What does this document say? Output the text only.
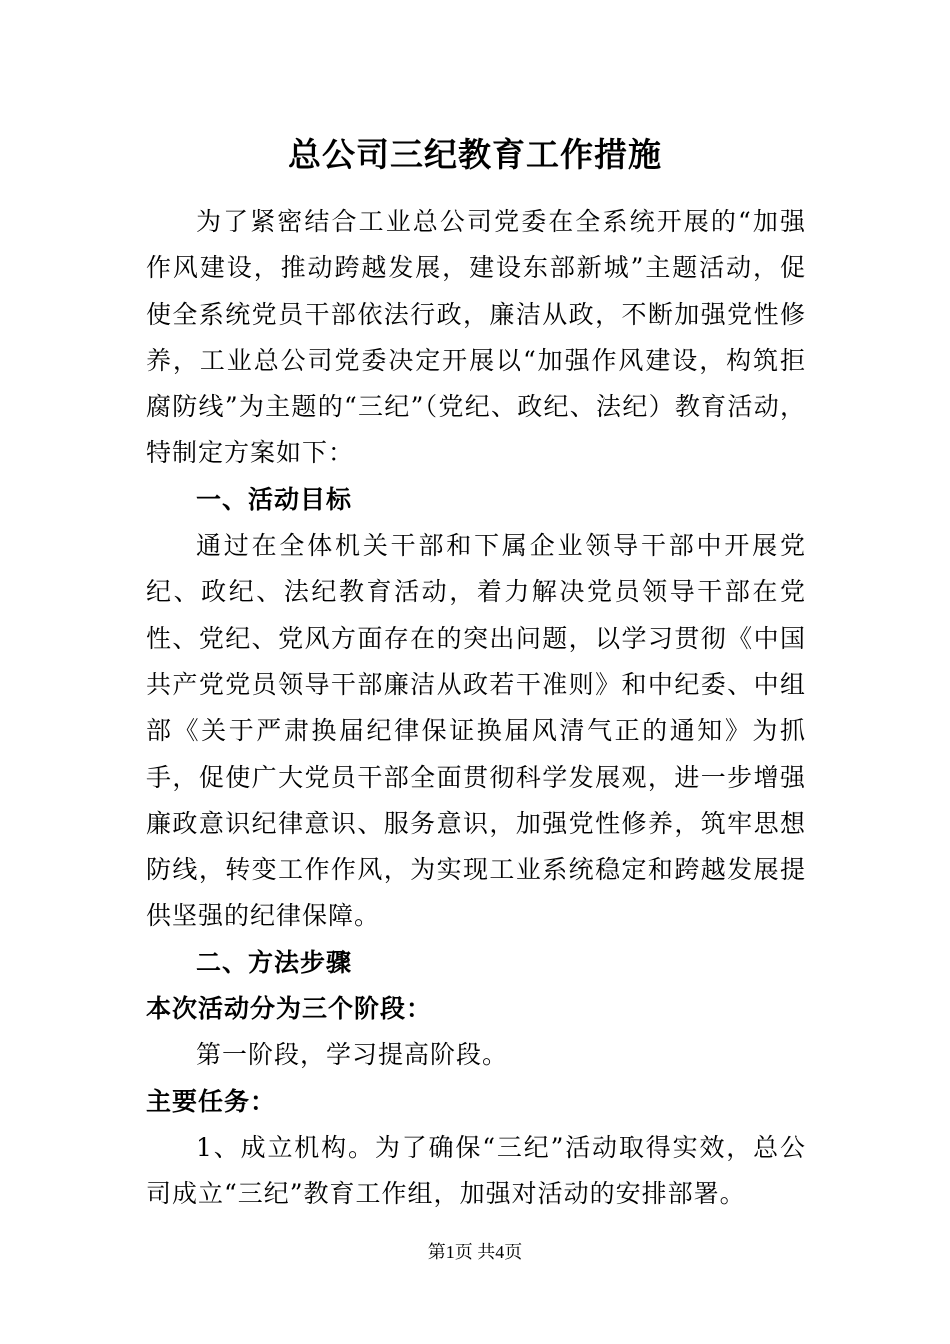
总公司三纪教育工作措施

为了紧密结合工业总公司党委在全系统开展的“加强作风建设，推动跨越发展，建设东部新城”主题活动，促使全系统党员干部依法行政，廉洁从政，不断加强党性修养，工业总公司党委决定开展以“加强作风建设，构筑拒腐防线”为主题的“三纪”（党纪、政纪、法纪）教育活动，特制定方案如下：

一、活动目标

通过在全体机关干部和下属企业领导干部中开展党纪、政纪、法纪教育活动，着力解决党员领导干部在党性、党纪、党风方面存在的突出问题，以学习贯彻《中国共产党党员领导干部廉洁从政若干准则》和中纪委、中组部《关于严肃换届纪律保证换届风清气正的通知》为抓手，促使广大党员干部全面贯彻科学发展观，进一步增强廉政意识纪律意识、服务意识，加强党性修养，筑牢思想防线，转变工作作风，为实现工业系统稳定和跨越发展提供坚强的纪律保障。

二、方法步骤

本次活动分为三个阶段：

第一阶段，学习提高阶段。

主要任务：

1、成立机构。为了确保“三纪”活动取得实效，总公司成立“三纪”教育工作组，加强对活动的安排部署。

第1页 共4页
